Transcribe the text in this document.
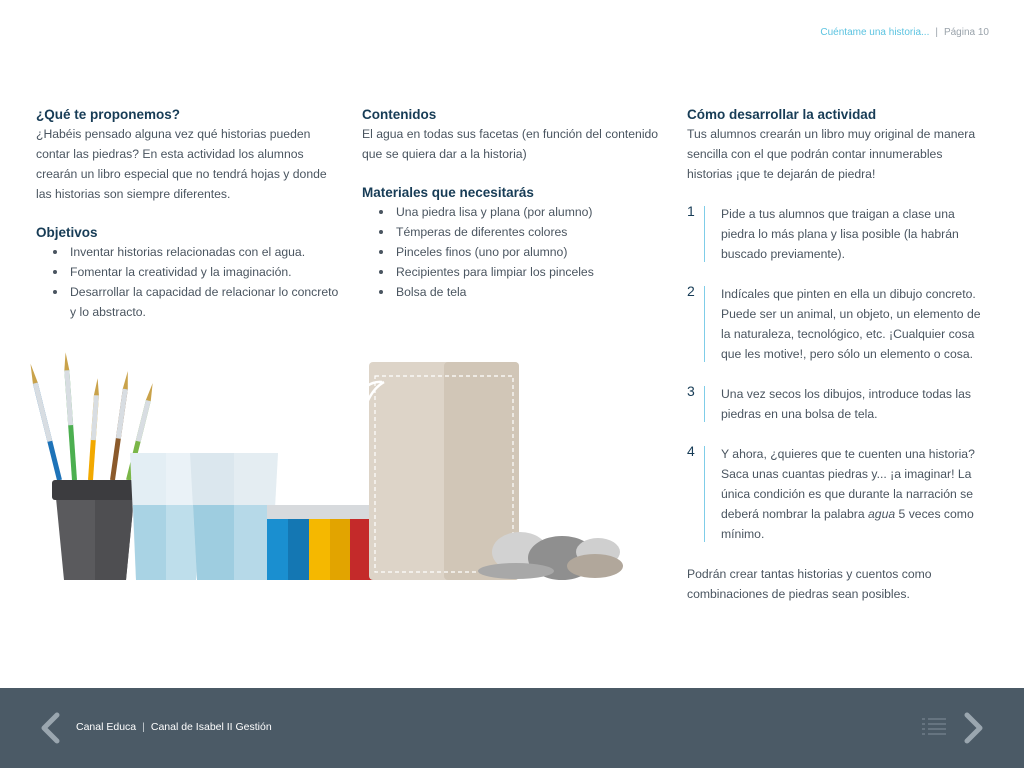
Cuéntame una historia... | Página 10
¿Qué te proponemos?

¿Habéis pensado alguna vez qué historias pueden contar las piedras? En esta actividad los alumnos crearán un libro especial que no tendrá hojas y donde las historias son siempre diferentes.

Objetivos
Inventar historias relacionadas con el agua.
Fomentar la creatividad y la imaginación.
Desarrollar la capacidad de relacionar lo concreto y lo abstracto.
Contenidos

El agua en todas sus facetas (en función del contenido que se quiera dar a la historia)

Materiales que necesitarás
Una piedra lisa y plana (por alumno)
Témperas de diferentes colores
Pinceles finos (uno por alumno)
Recipientes para limpiar los pinceles
Bolsa de tela
Cómo desarrollar la actividad

Tus alumnos crearán un libro muy original de manera sencilla con el que podrán contar innumerables historias ¡que te dejarán de piedra!

1 Pide a tus alumnos que traigan a clase una piedra lo más plana y lisa posible (la habrán buscado previamente).

2 Indícales que pinten en ella un dibujo concreto. Puede ser un animal, un objeto, un elemento de la naturaleza, tecnológico, etc. ¡Cualquier cosa que les motive!, pero sólo un elemento o cosa.

3 Una vez secos los dibujos, introduce todas las piedras en una bolsa de tela.

4 Y ahora, ¿quieres que te cuenten una historia? Saca unas cuantas piedras y... ¡a imaginar! La única condición es que durante la narración se deberá nombrar la palabra agua 5 veces como mínimo.

Podrán crear tantas historias y cuentos como combinaciones de piedras sean posibles.

Canal Educa | Canal de Isabel II Gestión
